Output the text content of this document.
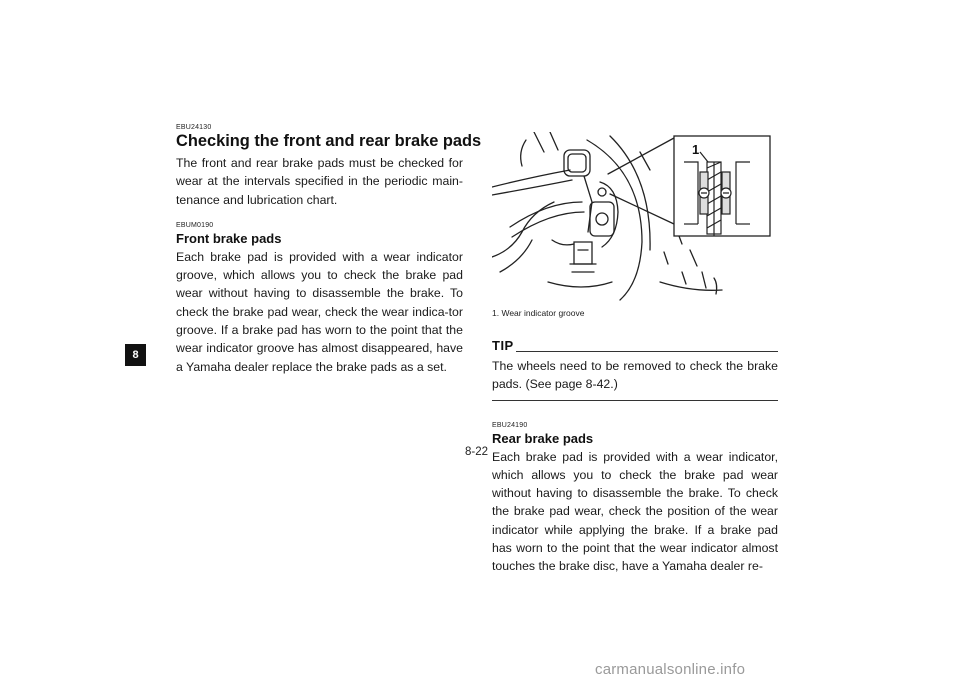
8

EBU24130

Checking the front and rear brake pads

The front and rear brake pads must be checked for wear at the intervals specified in the periodic main-tenance and lubrication chart.

EBUM0190

Front brake pads

Each brake pad is provided with a wear indicator groove, which allows you to check the brake pad wear without having to disassemble the brake. To check the brake pad wear, check the wear indica-tor groove. If a brake pad has worn to the point that the wear indicator groove has almost disappeared, have a Yamaha dealer replace the brake pads as a set.

1

1. Wear indicator groove

TIP

The wheels need to be removed to check the brake pads. (See page 8-42.)

EBU24190

Rear brake pads

Each brake pad is provided with a wear indicator, which allows you to check the brake pad wear without having to disassemble the brake. To check the brake pad wear, check the position of the wear indicator while applying the brake. If a brake pad has worn to the point that the wear indicator almost touches the brake disc, have a Yamaha dealer re-

8-22
carmanualsonline.info
